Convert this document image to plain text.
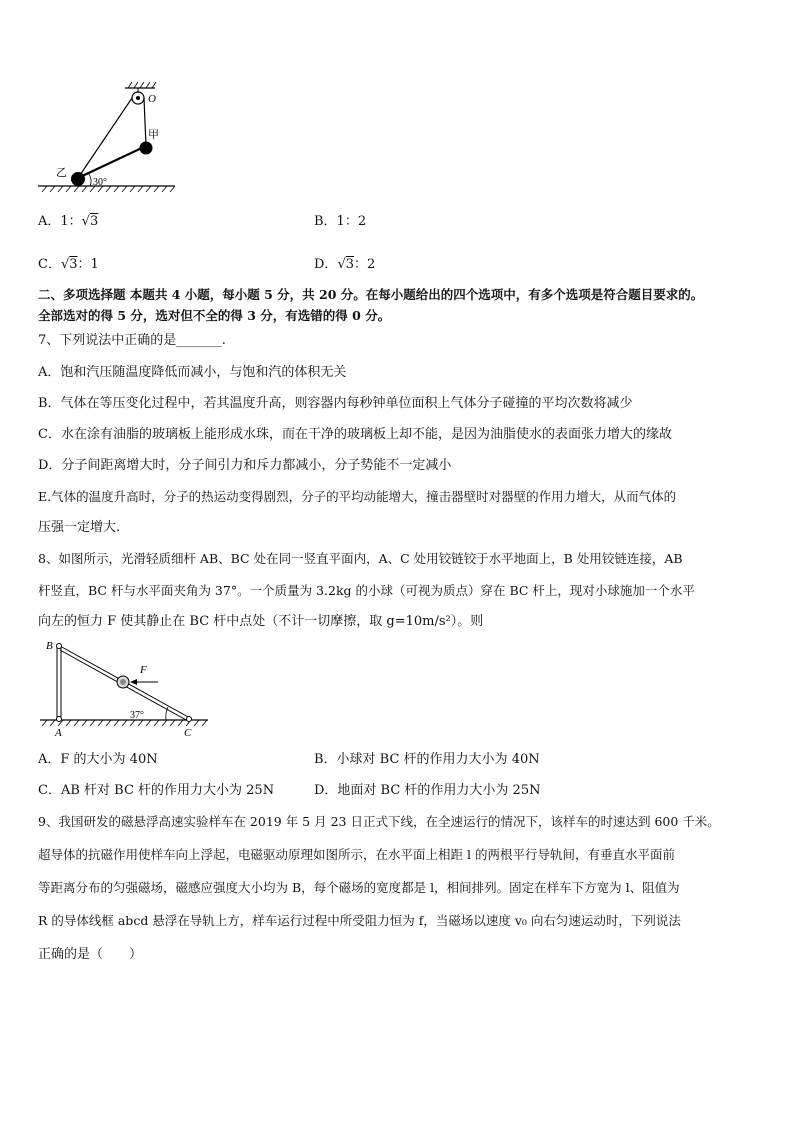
O
甲
乙
30°
A．1：√3	B．1：2
C．√3：1	D．√3：2
二、多项选择题 本题共 4 小题，每小题 5 分，共 20 分。在每小题给出的四个选项中，有多个选项是符合题目要求的。
全部选对的得 5 分，选对但不全的得 3 分，有选错的得 0 分。
7、下列说法中正确的是_______.
A．饱和汽压随温度降低而减小，与饱和汽的体积无关
B．气体在等压变化过程中，若其温度升高，则容器内每秒钟单位面积上气体分子碰撞的平均次数将减少
C．水在涂有油脂的玻璃板上能形成水珠，而在干净的玻璃板上却不能，是因为油脂使水的表面张力增大的缘故
D．分子间距离增大时，分子间引力和斥力都减小，分子势能不一定减小
E.气体的温度升高时，分子的热运动变得剧烈，分子的平均动能增大，撞击器壁时对器壁的作用力增大，从而气体的
压强一定增大.
8、如图所示，光滑轻质细杆 AB、BC 处在同一竖直平面内，A、C 处用铰链铰于水平地面上，B 处用铰链连接，AB
杆竖直，BC 杆与水平面夹角为 37°。一个质量为 3.2kg 的小球（可视为质点）穿在 BC 杆上，现对小球施加一个水平
向左的恒力 F 使其静止在 BC 杆中点处（不计一切摩擦，取 g=10m/s²）。则
B
A	C
F
37°
A．F 的大小为 40N	B．小球对 BC 杆的作用力大小为 40N
C．AB 杆对 BC 杆的作用力大小为 25N	D．地面对 BC 杆的作用力大小为 25N
9、我国研发的磁悬浮高速实验样车在 2019 年 5 月 23 日正式下线，在全速运行的情况下，该样车的时速达到 600 千米。
超导体的抗磁作用使样车向上浮起，电磁驱动原理如图所示，在水平面上相距 l 的两根平行导轨间，有垂直水平面前
等距离分布的匀强磁场，磁感应强度大小均为 B，每个磁场的宽度都是 l，相间排列。固定在样车下方宽为 l、阻值为
R 的导体线框 abcd 悬浮在导轨上方，样车运行过程中所受阻力恒为 f，当磁场以速度 v₀ 向右匀速运动时，下列说法
正确的是（　　）
